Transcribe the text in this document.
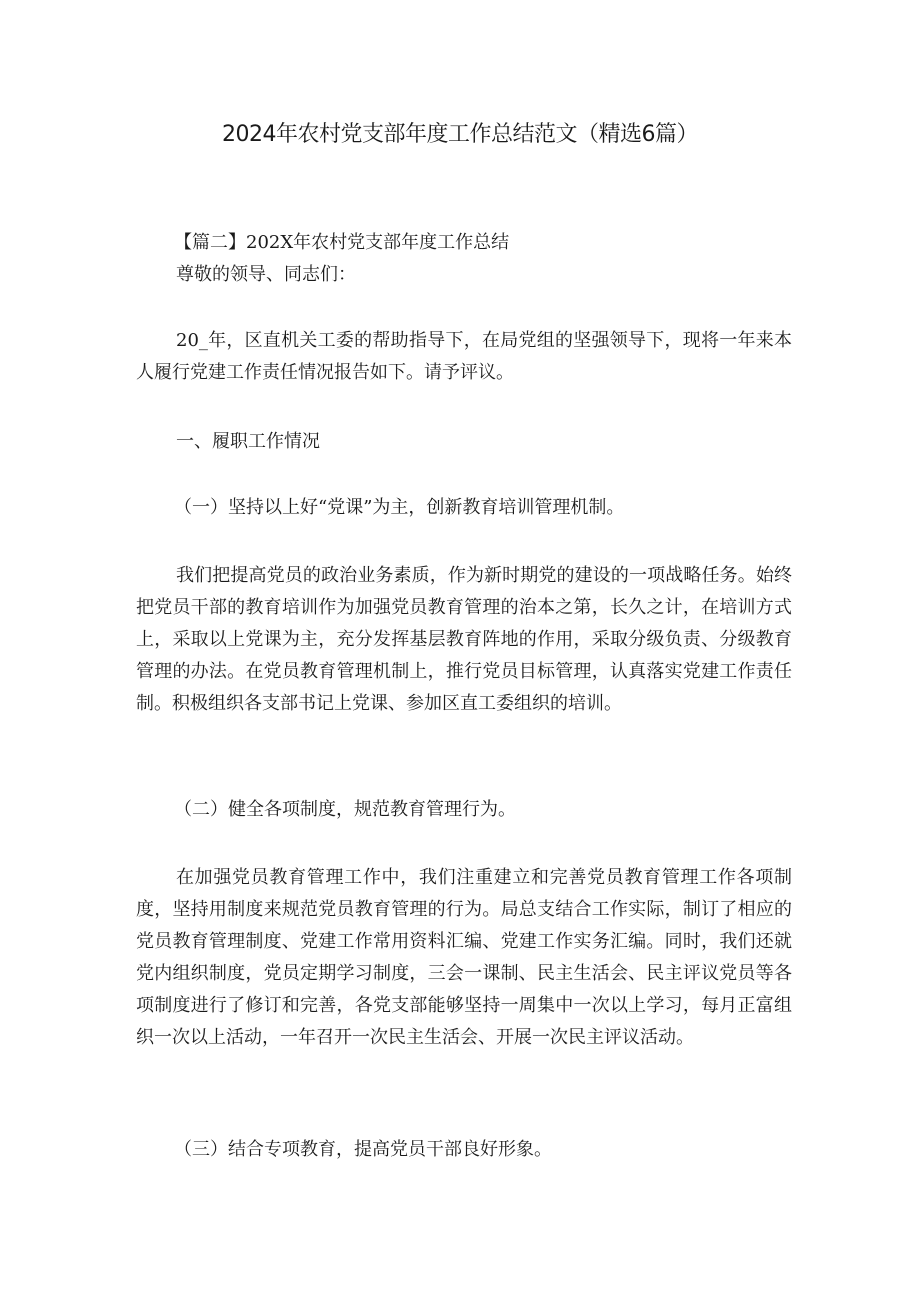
2024年农村党支部年度工作总结范文（精选6篇）

【篇二】202X年农村党支部年度工作总结

尊敬的领导、同志们：

20_年，区直机关工委的帮助指导下，在局党组的坚强领导下，现将一年来本人履行党建工作责任情况报告如下。请予评议。

一、履职工作情况

（一）坚持以上好“党课”为主，创新教育培训管理机制。

我们把提高党员的政治业务素质，作为新时期党的建设的一项战略任务。始终把党员干部的教育培训作为加强党员教育管理的治本之第，长久之计，在培训方式上，采取以上党课为主，充分发挥基层教育阵地的作用，采取分级负责、分级教育管理的办法。在党员教育管理机制上，推行党员目标管理，认真落实党建工作责任制。积极组织各支部书记上党课、参加区直工委组织的培训。

（二）健全各项制度，规范教育管理行为。

在加强党员教育管理工作中，我们注重建立和完善党员教育管理工作各项制度，坚持用制度来规范党员教育管理的行为。局总支结合工作实际，制订了相应的党员教育管理制度、党建工作常用资料汇编、党建工作实务汇编。同时，我们还就党内组织制度，党员定期学习制度，三会一课制、民主生活会、民主评议党员等各项制度进行了修订和完善，各党支部能够坚持一周集中一次以上学习，每月正富组织一次以上活动，一年召开一次民主生活会、开展一次民主评议活动。

（三）结合专项教育，提高党员干部良好形象。
